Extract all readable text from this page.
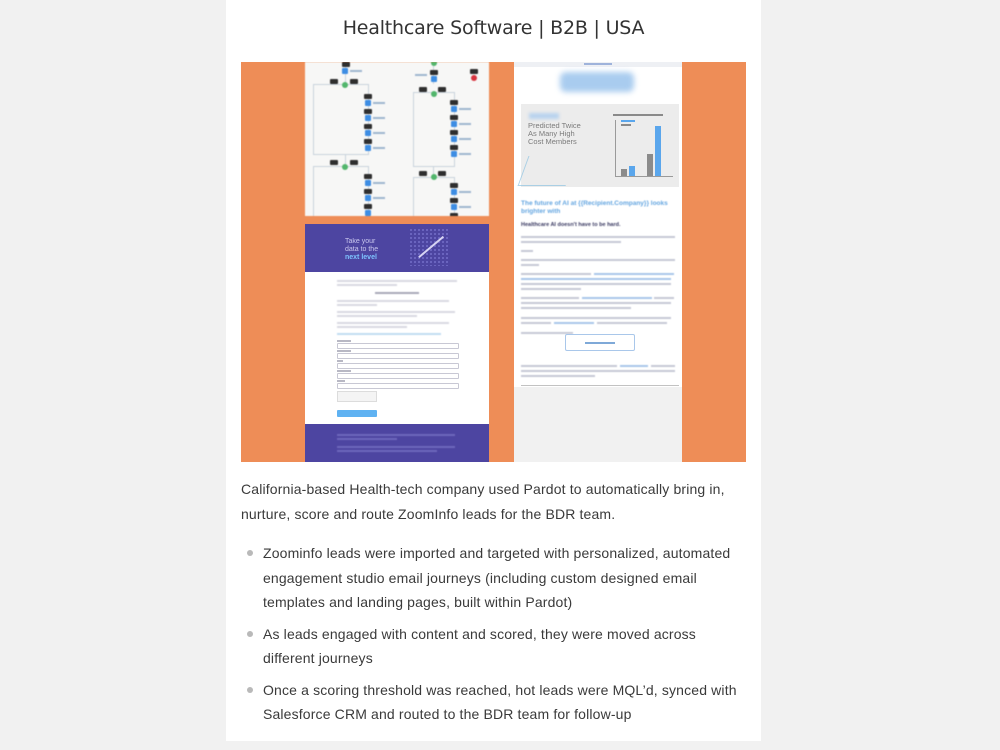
Healthcare Software | B2B | USA
Take your
data to the
next level
Predicted Twice
As Many High
Cost Members
The future of AI at {{Recipient.Company}} looks brighter with
Healthcare AI doesn't have to be hard.

California-based Health-tech company used Pardot to automatically bring in, nurture, score and route ZoomInfo leads for the BDR team.

Zoominfo leads were imported and targeted with personalized, automated engagement studio email journeys (including custom designed email templates and landing pages, built within Pardot)
As leads engaged with content and scored, they were moved across different journeys
Once a scoring threshold was reached, hot leads were MQL’d, synced with Salesforce CRM and routed to the BDR team for follow-up
